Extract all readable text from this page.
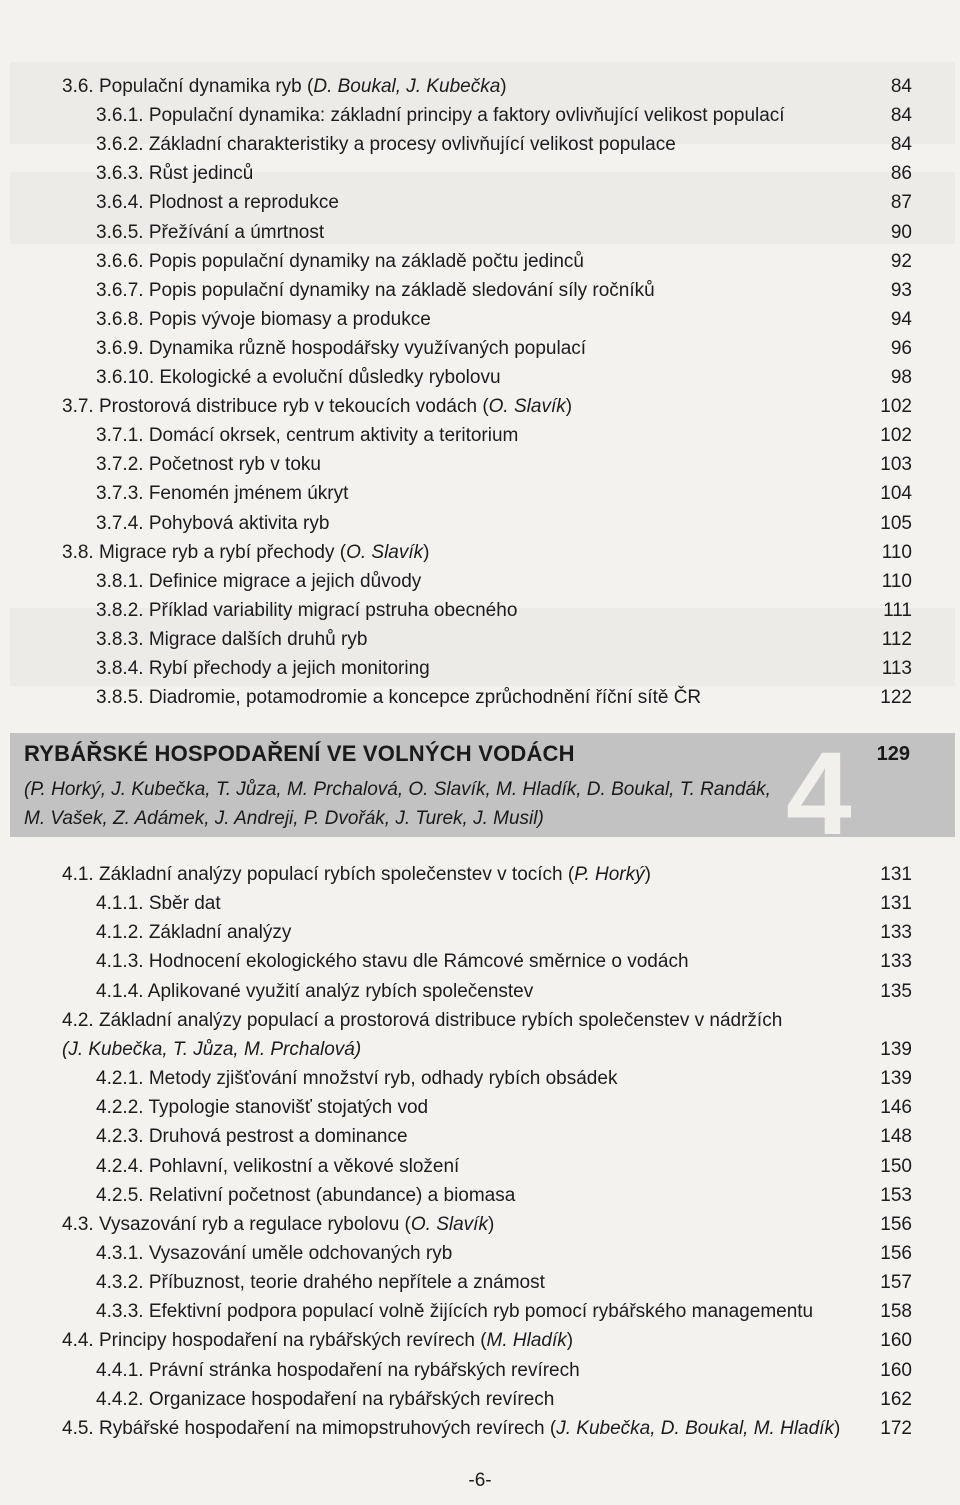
3.6. Populační dynamika ryb (D. Boukal, J. Kubečka)	84
3.6.1. Populační dynamika: základní principy a faktory ovlivňující velikost populací	84
3.6.2. Základní charakteristiky a procesy ovlivňující velikost populace	84
3.6.3. Růst jedinců	86
3.6.4. Plodnost a reprodukce	87
3.6.5. Přežívání a úmrtnost	90
3.6.6. Popis populační dynamiky na základě počtu jedinců	92
3.6.7. Popis populační dynamiky na základě sledování síly ročníků	93
3.6.8. Popis vývoje biomasy a produkce	94
3.6.9. Dynamika různě hospodářsky využívaných populací	96
3.6.10. Ekologické a evoluční důsledky rybolovu	98
3.7. Prostorová distribuce ryb v tekoucích vodách (O. Slavík)	102
3.7.1. Domácí okrsek, centrum aktivity a teritorium	102
3.7.2. Početnost ryb v toku	103
3.7.3. Fenomén jménem úkryt	104
3.7.4. Pohybová aktivita ryb	105
3.8. Migrace ryb a rybí přechody (O. Slavík)	110
3.8.1. Definice migrace a jejich důvody	110
3.8.2. Příklad variability migrací pstruha obecného	111
3.8.3. Migrace dalších druhů ryb	112
3.8.4. Rybí přechody a jejich monitoring	113
3.8.5. Diadromie, potamodromie a koncepce zprůchodnění říční sítě ČR	122
4
RYBÁŘSKÉ HOSPODAŘENÍ VE VOLNÝCH VODÁCH	129
(P. Horký, J. Kubečka, T. Jůza, M. Prchalová, O. Slavík, M. Hladík, D. Boukal, T. Randák,
M. Vašek, Z. Adámek, J. Andreji, P. Dvořák, J. Turek, J. Musil)
4.1. Základní analýzy populací rybích společenstev v tocích (P. Horký)	131
4.1.1. Sběr dat	131
4.1.2. Základní analýzy	133
4.1.3. Hodnocení ekologického stavu dle Rámcové směrnice o vodách	133
4.1.4. Aplikované využití analýz rybích společenstev	135
4.2. Základní analýzy populací a prostorová distribuce rybích společenstev v nádržích
(J. Kubečka, T. Jůza, M. Prchalová)	139
4.2.1. Metody zjišťování množství ryb, odhady rybích obsádek	139
4.2.2. Typologie stanovišť stojatých vod	146
4.2.3. Druhová pestrost a dominance	148
4.2.4. Pohlavní, velikostní a věkové složení	150
4.2.5. Relativní početnost (abundance) a biomasa	153
4.3. Vysazování ryb a regulace rybolovu (O. Slavík)	156
4.3.1. Vysazování uměle odchovaných ryb	156
4.3.2. Příbuznost, teorie drahého nepřítele a známost	157
4.3.3. Efektivní podpora populací volně žijících ryb pomocí rybářského managementu	158
4.4. Principy hospodaření na rybářských revírech (M. Hladík)	160
4.4.1. Právní stránka hospodaření na rybářských revírech	160
4.4.2. Organizace hospodaření na rybářských revírech	162
4.5. Rybářské hospodaření na mimopstruhových revírech (J. Kubečka, D. Boukal, M. Hladík) 172
-6-
